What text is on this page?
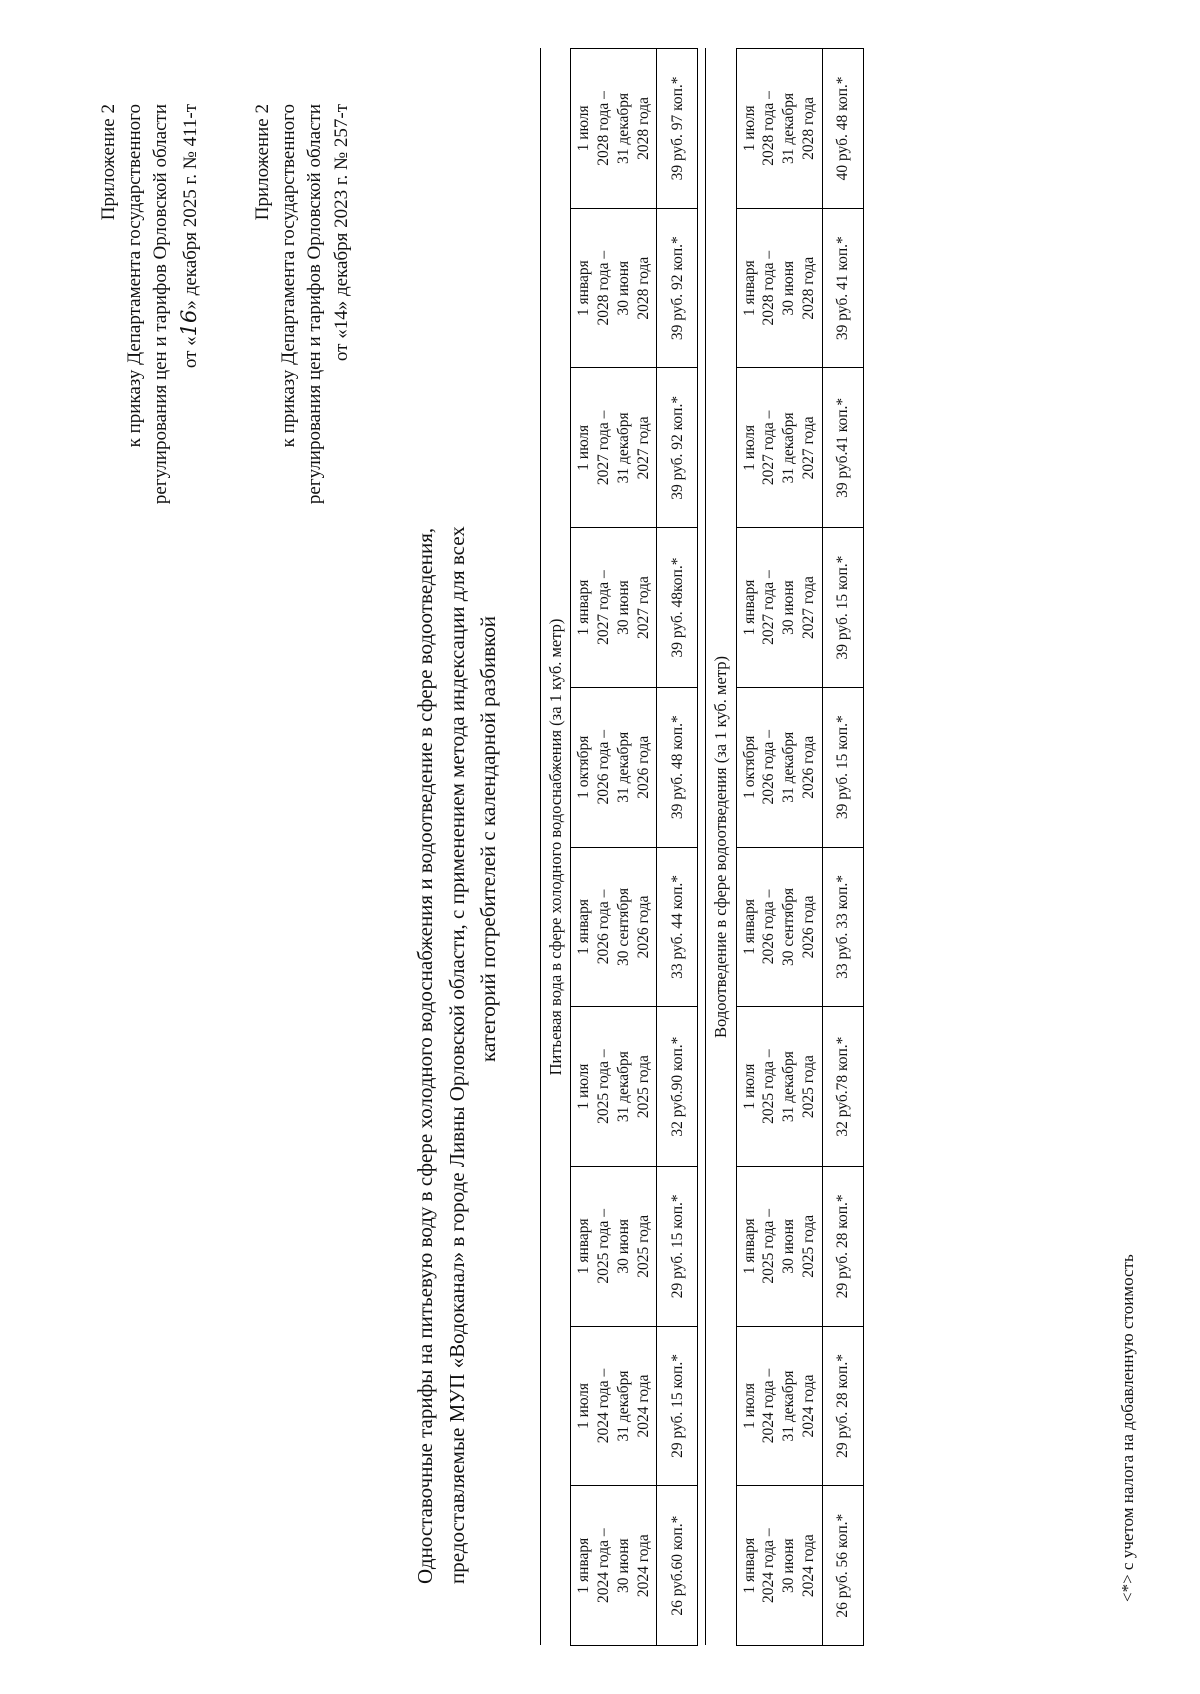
Приложение 2 к приказу Департамента государственного регулирования цен и тарифов Орловской области от «16» декабря 2025 г. № 411-т	Приложение 2 к приказу Департамента государственного регулирования цен и тарифов Орловской области от «14» декабря 2023 г. № 257-т
Одноставочные тарифы на питьевую воду в сфере холодного водоснабжения и водоотведение в сфере водоотведения, предоставляемые МУП «Водоканал» в городе Ливны Орловской области, с применением метода индексации для всех категорий потребителей с календарной разбивкой	Питьевая вода в сфере холодного водоснабжения (за 1 куб. метр)									

1 января 2024 года – 30 июня 2024 года	1 июля 2024 года – 31 декабря 2024 года	1 января 2025 года – 30 июня 2025 года	1 июля 2025 года – 31 декабря 2025 года	1 января 2026 года – 30 сентября 2026 года	1 октября 2026 года – 31 декабря 2026 года	1 января 2027 года – 30 июня 2027 года	1 июля 2027 года – 31 декабря 2027 года	1 января 2028 года – 30 июня 2028 года	1 июля 2028 года – 31 декабря 2028 года

26 руб.60 коп.*	29 руб. 15 коп.*	29 руб. 15 коп.*	32 руб.90 коп.*	33 руб. 44 коп.*	39 руб. 48 коп.*	39 руб. 48коп.*	39 руб. 92 коп.*	39 руб. 92 коп.*	39 руб. 97 коп.*
Водоотведение в сфере водоотведения (за 1 куб. метр)									

1 января 2024 года – 30 июня 2024 года	1 июля 2024 года – 31 декабря 2024 года	1 января 2025 года – 30 июня 2025 года	1 июля 2025 года – 31 декабря 2025 года	1 января 2026 года – 30 сентября 2026 года	1 октября 2026 года – 31 декабря 2026 года	1 января 2027 года – 30 июня 2027 года	1 июля 2027 года – 31 декабря 2027 года	1 января 2028 года – 30 июня 2028 года	1 июля 2028 года – 31 декабря 2028 года

26 руб. 56 коп.*	29 руб. 28 коп.*	29 руб. 28 коп.*	32 руб.78 коп.*	33 руб. 33 коп.*	39 руб. 15 коп.*	39 руб. 15 коп.*	39 руб.41 коп.*	39 руб. 41 коп.*	40 руб. 48 коп.*
<*> с учетом налога на добавленную стоимость
